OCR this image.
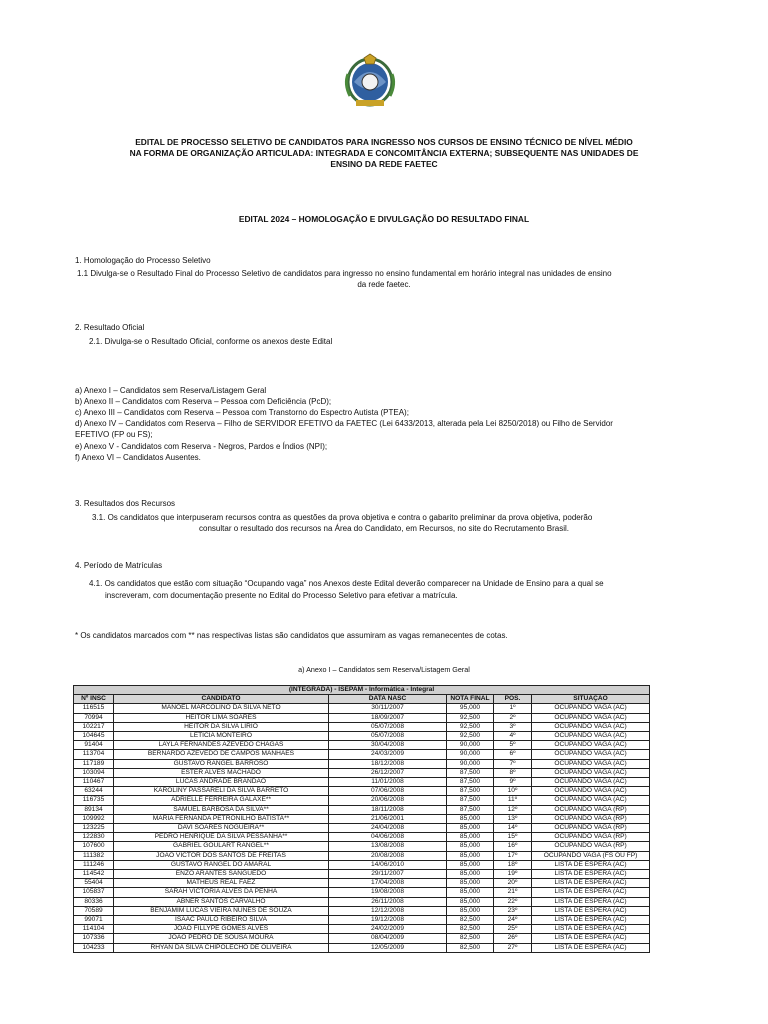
EDITAL DE PROCESSO SELETIVO DE CANDIDATOS PARA INGRESSO NOS CURSOS DE ENSINO TÉCNICO DE NÍVEL MÉDIO
NA FORMA DE ORGANIZAÇÃO ARTICULADA: INTEGRADA E CONCOMITÂNCIA EXTERNA; SUBSEQUENTE NAS UNIDADES DE
ENSINO DA REDE FAETEC
EDITAL 2024 – HOMOLOGAÇÃO E DIVULGAÇÃO DO RESULTADO FINAL
1. Homologação do Processo Seletivo
1.1 Divulga-se o Resultado Final do Processo Seletivo de candidatos para ingresso no ensino fundamental em horário integral nas unidades de ensino
da rede faetec.
2. Resultado Oficial
2.1. Divulga-se o Resultado Oficial, conforme os anexos deste Edital
a) Anexo I – Candidatos sem Reserva/Listagem Geral
b) Anexo II – Candidatos com Reserva – Pessoa com Deficiência (PcD);
c) Anexo III – Candidatos com Reserva – Pessoa com Transtorno do Espectro Autista (PTEA);
d) Anexo IV – Candidatos com Reserva – Filho de SERVIDOR EFETIVO da FAETEC (Lei 6433/2013, alterada pela Lei 8250/2018) ou Filho de Servidor
EFETIVO (FP ou FS);
e) Anexo V - Candidatos com Reserva - Negros, Pardos e Índios (NPI);
f) Anexo VI – Candidatos Ausentes.
3. Resultados dos Recursos
3.1. Os candidatos que interpuseram recursos contra as questões da prova objetiva e contra o gabarito preliminar da prova objetiva, poderão
consultar o resultado dos recursos na Área do Candidato, em Recursos, no site do Recrutamento Brasil.
4. Período de Matrículas
4.1. Os candidatos que estão com situação “Ocupando vaga” nos Anexos deste Edital deverão comparecer na Unidade de Ensino para a qual se
inscreveram, com documentação presente no Edital do Processo Seletivo para efetivar a matrícula.
* Os candidatos marcados com ** nas respectivas listas são candidatos que assumiram as vagas remanecentes de cotas.
a) Anexo I – Candidatos sem Reserva/Listagem Geral
(INTEGRADA) - ISEPAM - Informática - Integral					
Nº INSC	CANDIDATO	DATA NASC	NOTA FINAL	POS.	SITUAÇÃO
116515	MANOEL MARCOLINO DA SILVA NETO	30/11/2007	95,000	1º	OCUPANDO VAGA (AC)
70994	HEITOR LIMA SOARES	18/09/2007	92,500	2º	OCUPANDO VAGA (AC)
102217	HEITOR DA SILVA LIRIO	05/07/2008	92,500	3º	OCUPANDO VAGA (AC)
104645	LETICIA MONTEIRO	05/07/2008	92,500	4º	OCUPANDO VAGA (AC)
91404	LAYLA FERNANDES AZEVEDO CHAGAS	30/04/2008	90,000	5º	OCUPANDO VAGA (AC)
113704	BERNARDO AZEVEDO DE CAMPOS MANHÃES	24/03/2009	90,000	6º	OCUPANDO VAGA (AC)
117189	GUSTAVO RANGEL BARROSO	18/12/2008	90,000	7º	OCUPANDO VAGA (AC)
103094	ESTER ALVES MACHADO	26/12/2007	87,500	8º	OCUPANDO VAGA (AC)
110467	LUCAS ANDRADE BRANDÃO	11/01/2008	87,500	9º	OCUPANDO VAGA (AC)
63244	KAROLINY PASSARELI DA SILVA BARRETO	07/06/2008	87,500	10º	OCUPANDO VAGA (AC)
116735	ADRIELLE FERREIRA GALAXE**	20/06/2008	87,500	11º	OCUPANDO VAGA (AC)
89134	SAMUEL BARBOSA DA SILVA**	18/11/2008	87,500	12º	OCUPANDO VAGA (RP)
109992	MARIA FERNANDA PETRONILHO BATISTA**	21/06/2001	85,000	13º	OCUPANDO VAGA (RP)
123225	DAVI SOARES NOGUEIRA**	24/04/2008	85,000	14º	OCUPANDO VAGA (RP)
122830	PEDRO HENRIQUE DA SILVA PESSANHA**	04/06/2008	85,000	15º	OCUPANDO VAGA (RP)
107600	GABRIEL GOULART RANGEL**	13/08/2008	85,000	16º	OCUPANDO VAGA (RP)
111382	JOÃO VICTOR DOS SANTOS DE FREITAS	20/08/2008	85,000	17º	OCUPANDO VAGA (FS OU FP)
111246	GUSTAVO RANGEL DO AMARAL	14/06/2010	85,000	18º	LISTA DE ESPERA (AC)
114542	ENZO ARANTES SANGUEDO	29/11/2007	85,000	19º	LISTA DE ESPERA (AC)
55404	MATHEUS REAL FAEZ	17/04/2008	85,000	20º	LISTA DE ESPERA (AC)
105837	SARAH VICTORIA ALVES DA PENHA	19/08/2008	85,000	21º	LISTA DE ESPERA (AC)
80336	ABNER SANTOS CARVALHO	26/11/2008	85,000	22º	LISTA DE ESPERA (AC)
70589	BENJAMIM LUCAS VIEIRA NUNES DE SOUZA	12/12/2008	85,000	23º	LISTA DE ESPERA (AC)
99071	ISAAC PAULO RIBEIRO SILVA	19/12/2008	82,500	24º	LISTA DE ESPERA (AC)
114104	JOÃO FILLYPE GOMES ALVES	24/02/2009	82,500	25º	LISTA DE ESPERA (AC)
107336	JOÃO PEDRO DE SOUSA MOURA	08/04/2009	82,500	26º	LISTA DE ESPERA (AC)
104233	RHYAN DA SILVA CHIPOLECHO DE OLIVEIRA	12/05/2009	82,500	27º	LISTA DE ESPERA (AC)
